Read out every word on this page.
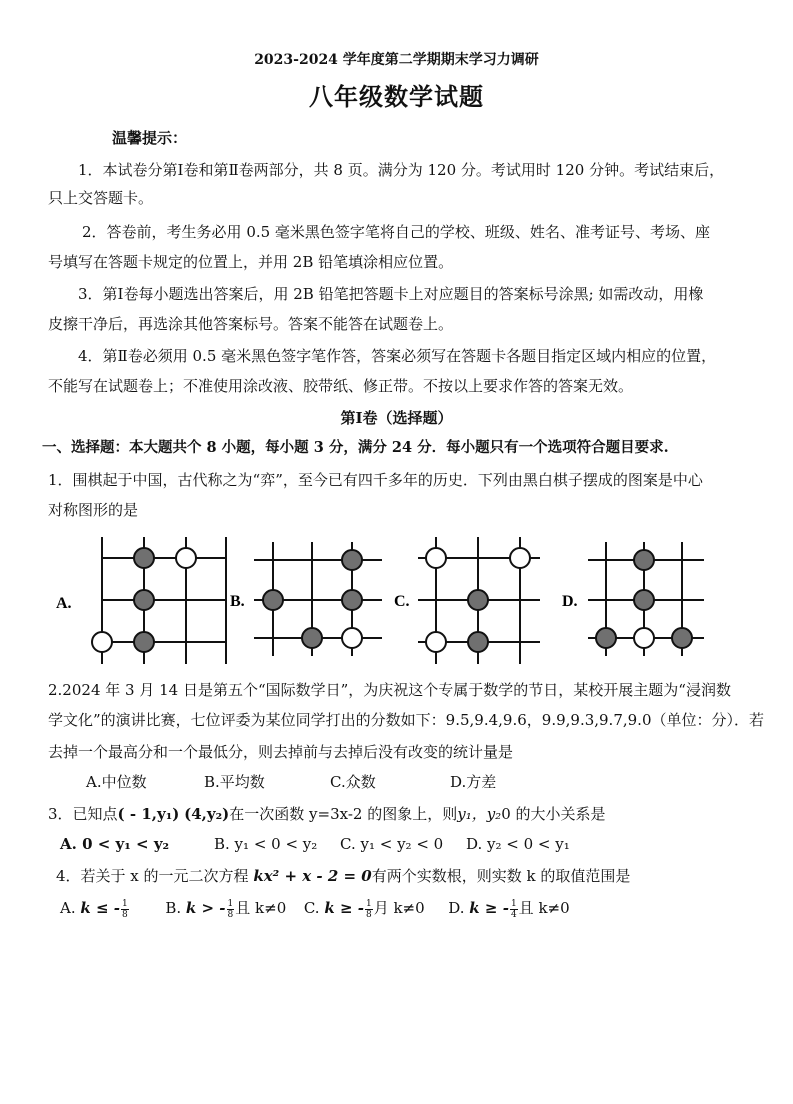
2023-2024 学年度第二学期期末学习力调研
八年级数学试题
温馨提示：
1．本试卷分第Ⅰ卷和第Ⅱ卷两部分，共 8 页。满分为 120 分。考试用时 120 分钟。考试结束后，
只上交答题卡。
2．答卷前，考生务必用 0.5 毫米黑色签字笔将自己的学校、班级、姓名、准考证号、考场、座
号填写在答题卡规定的位置上，并用 2B 铅笔填涂相应位置。
3．第Ⅰ卷每小题选出答案后，用 2B 铅笔把答题卡上对应题目的答案标号涂黑; 如需改动，用橡
皮擦干净后，再选涂其他答案标号。答案不能答在试题卷上。
4．第Ⅱ卷必须用 0.5 毫米黑色签字笔作答，答案必须写在答题卡各题目指定区域内相应的位置，
不能写在试题卷上；不准使用涂改液、胶带纸、修正带。不按以上要求作答的答案无效。
第Ⅰ卷（选择题）
一、选择题：本大题共个 8 小题，每小题 3 分，满分 24 分．每小题只有一个选项符合题目要求.
1．围棋起于中国，古代称之为“弈”，至今已有四千多年的历史．下列由黑白棋子摆成的图案是中心
对称图形的是
A.	B.	C.	D.
2.2024 年 3 月 14 日是第五个“国际数学日”，为庆祝这个专属于数学的节日，某校开展主题为“浸润数
学文化”的演讲比赛，七位评委为某位同学打出的分数如下：9.5,9.4,9.6，9.9,9.3,9.7,9.0（单位：分）．若
去掉一个最高分和一个最低分，则去掉前与去掉后没有改变的统计量是
A.中位数	B.平均数	C.众数	D.方差
3．已知点( - 1,y₁) (4,y₂)在一次函数 y=3x-2 的图象上，则y₁，y₂0 的大小关系是
A. 0 < y₁ < y₂	B. y₁ < 0 < y₂ C. y₁ < y₂ < 0 D. y₂ < 0 < y₁
4．若关于 x 的一元二次方程 kx² + x - 2 = 0有两个实数根，则实数 k 的取值范围是
A. k ≤ - $\frac{1}{8} B$. k > - $\frac{1}{8}$ 且 k≠0 C. k ≥ - $\frac{1}{8}$ 月 k≠0 D. k ≥ - $\frac{1}{4}$ 且 k≠0
